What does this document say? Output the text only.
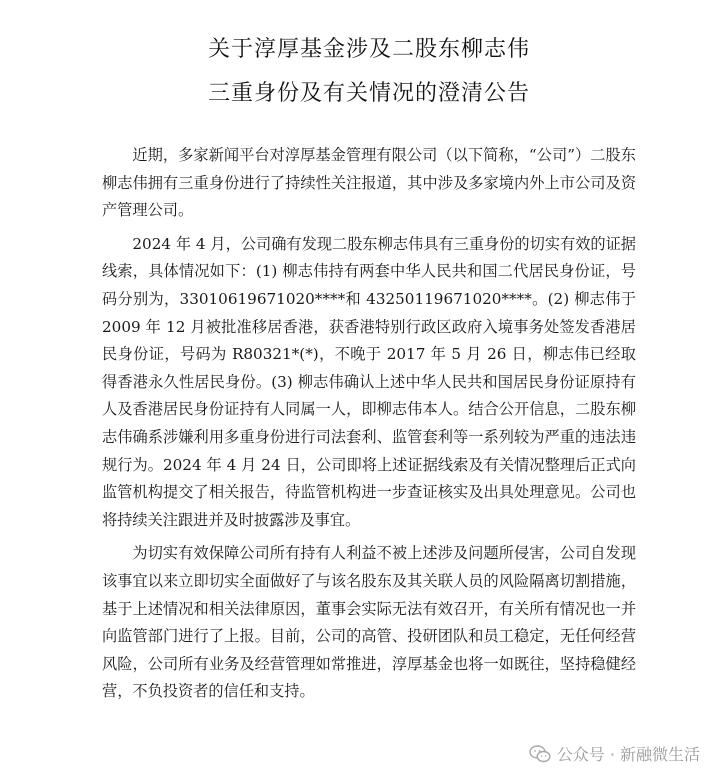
关于淳厚基金涉及二股东柳志伟
三重身份及有关情况的澄清公告

近期，多家新闻平台对淳厚基金管理有限公司（以下简称，“公司”）二股东柳志伟拥有三重身份进行了持续性关注报道，其中涉及多家境内外上市公司及资产管理公司。

2024 年 4 月，公司确有发现二股东柳志伟具有三重身份的切实有效的证据线索，具体情况如下：(1) 柳志伟持有两套中华人民共和国二代居民身份证，号码分别为，33010619671020****和 43250119671020****。(2) 柳志伟于 2009 年 12 月被批准移居香港，获香港特别行政区政府入境事务处签发香港居民身份证，号码为 R80321*(*)，不晚于 2017 年 5 月 26 日，柳志伟已经取得香港永久性居民身份。(3) 柳志伟确认上述中华人民共和国居民身份证原持有人及香港居民身份证持有人同属一人，即柳志伟本人。结合公开信息，二股东柳志伟确系涉嫌利用多重身份进行司法套利、监管套利等一系列较为严重的违法违规行为。2024 年 4 月 24 日，公司即将上述证据线索及有关情况整理后正式向监管机构提交了相关报告，待监管机构进一步查证核实及出具处理意见。公司也将持续关注跟进并及时披露涉及事宜。

为切实有效保障公司所有持有人利益不被上述涉及问题所侵害，公司自发现该事宜以来立即切实全面做好了与该名股东及其关联人员的风险隔离切割措施，基于上述情况和相关法律原因，董事会实际无法有效召开，有关所有情况也一并向监管部门进行了上报。目前，公司的高管、投研团队和员工稳定，无任何经营风险，公司所有业务及经营管理如常推进，淳厚基金也将一如既往，坚持稳健经营，不负投资者的信任和支持。

公众号 · 新融微生活
